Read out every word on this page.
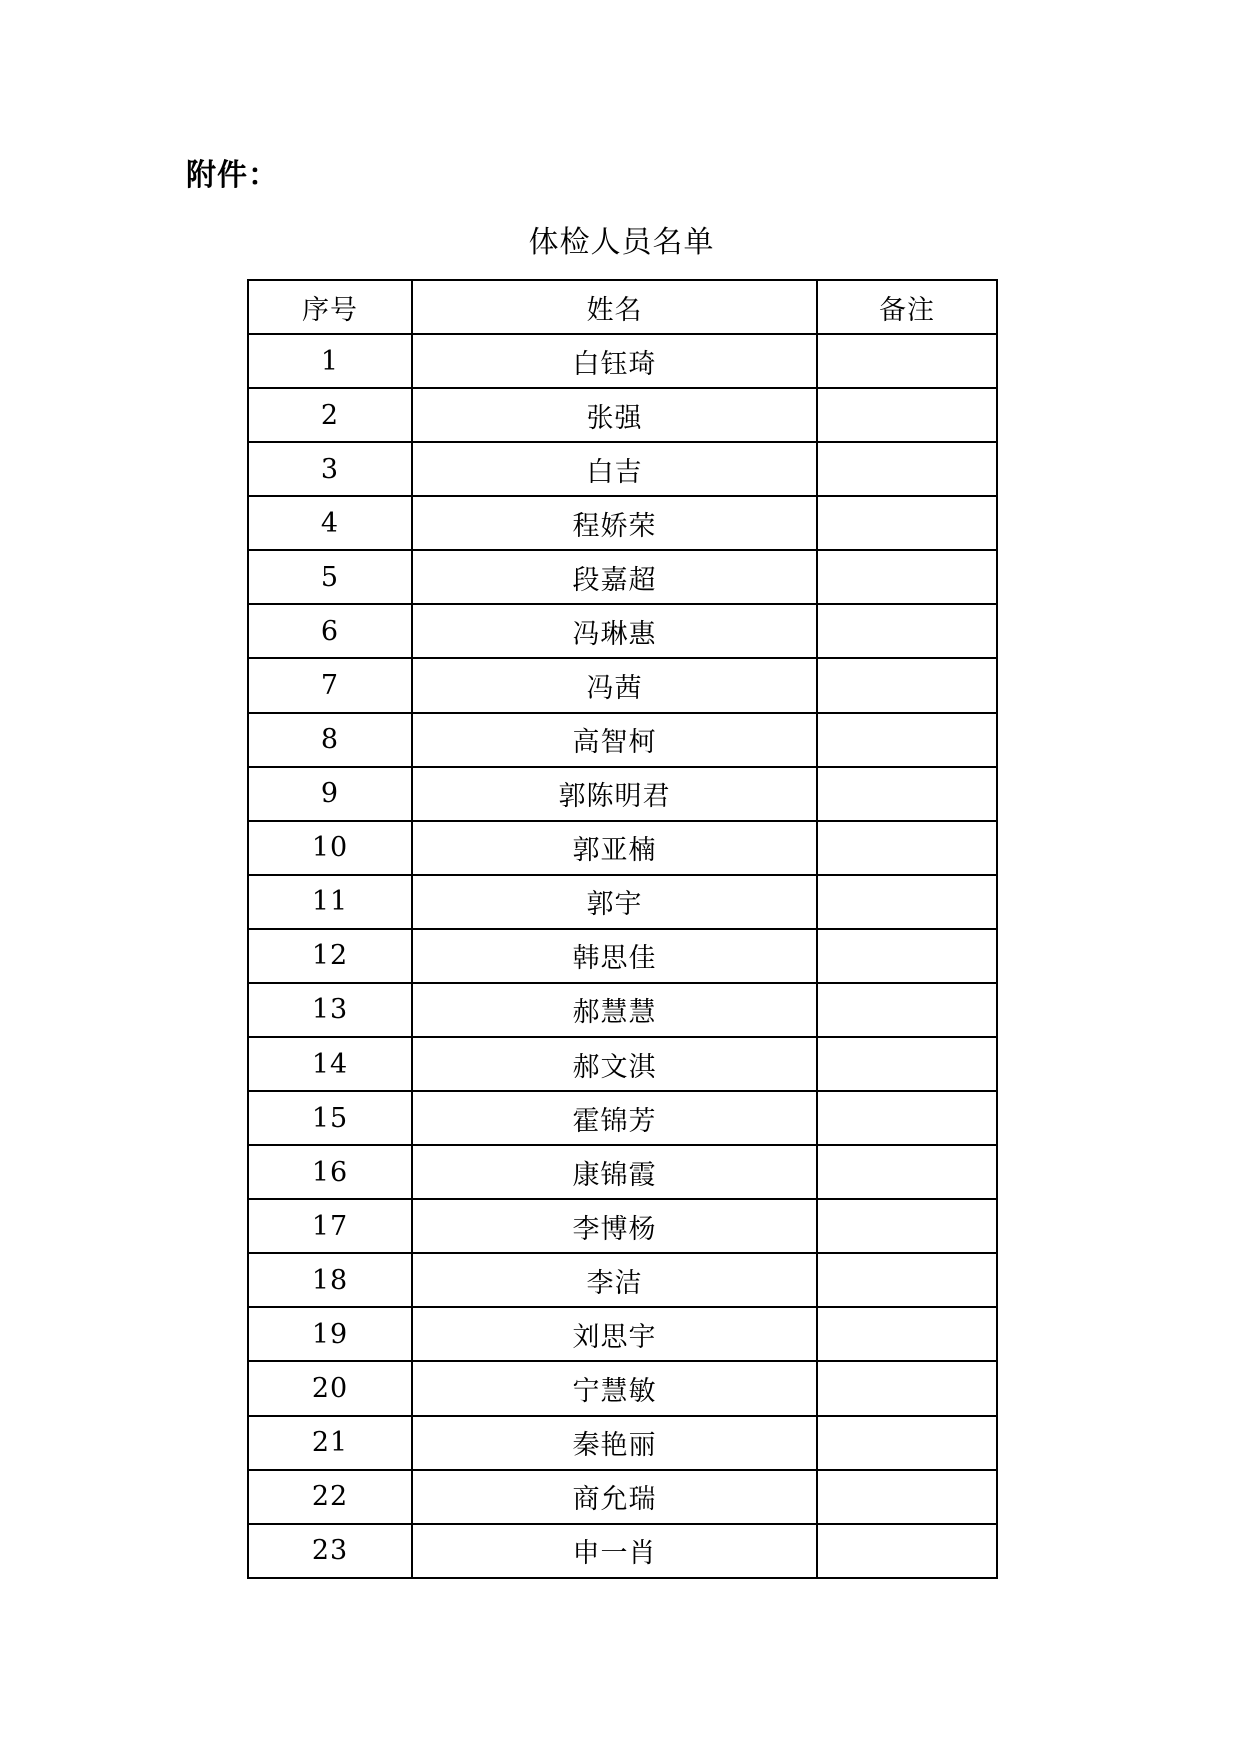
附件：
体检人员名单
序号	姓名	备注
1	白钰琦	
2	张强	
3	白吉	
4	程娇荣	
5	段嘉超	
6	冯琳惠	
7	冯茜	
8	高智柯	
9	郭陈明君	
10	郭亚楠	
11	郭宇	
12	韩思佳	
13	郝慧慧	
14	郝文淇	
15	霍锦芳	
16	康锦霞	
17	李博杨	
18	李洁	
19	刘思宇	
20	宁慧敏	
21	秦艳丽	
22	商允瑞	
23	申一肖	
